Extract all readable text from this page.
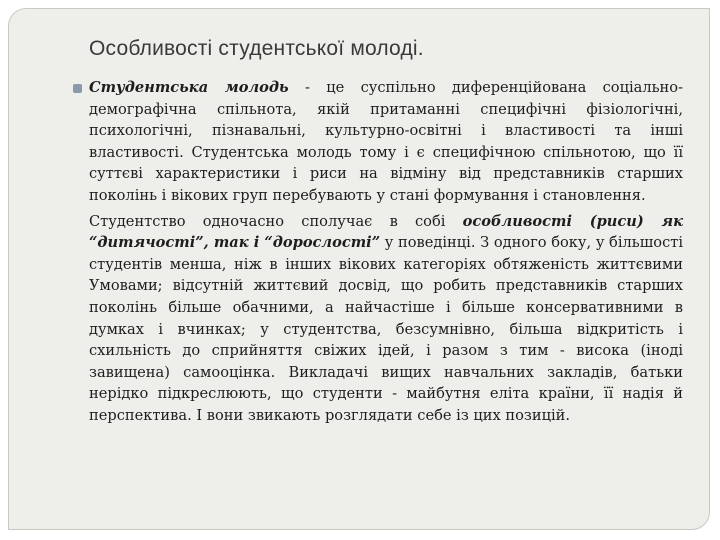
Особливості студентської молоді.

Студентська молодь - це суспільно диференційована соціально-демографічна спільнота, якій притаманні специфічні фізіологічні, психологічні, пізнавальні, культурно-освітні і властивості та інші властивості. Студентська молодь тому і є специфічною спільнотою, що її суттєві характеристики і риси на відміну від представників старших поколінь і вікових груп перебувають у стані формування і становлення.

Студентство одночасно сполучає в собі особливості (риси) як “дитячості”, так і “дорослості” у поведінці. З одного боку, у більшості студентів менша, ніж в інших вікових категоріях обтяженість життєвими Умовами; відсутній життєвий досвід, що робить представників старших поколінь більше обачними, а найчастіше і більше консервативними в думках і вчинках; у студентства, безсумнівно, більша відкритість і схильність до сприйняття свіжих ідей, і разом з тим - висока (іноді завищена) самооцінка. Викладачі вищих навчальних закладів, батьки нерідко підкреслюють, що студенти - майбутня еліта країни, її надія й перспектива. І вони звикають розглядати себе із цих позицій.
